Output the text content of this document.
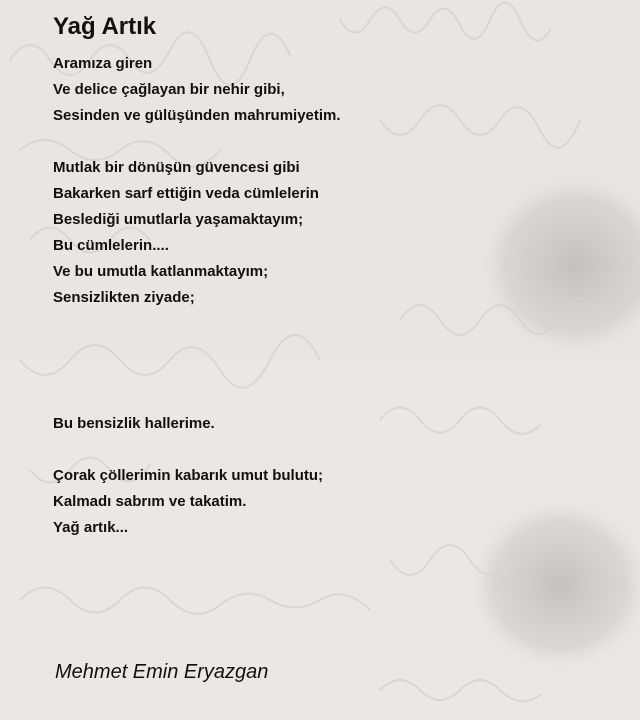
Yağ Artık
Aramıza giren
Ve delice çağlayan bir nehir gibi,
Sesinden ve gülüşünden mahrumiyetim.
Mutlak bir dönüşün güvencesi gibi
Bakarken sarf ettiğin veda cümlelerin
Beslediği umutlarla yaşamaktayım;
Bu cümlelerin....
Ve bu umutla katlanmaktayım;
Sensizlikten ziyade;
Bu bensizlik hallerime.
Çorak çöllerimin kabarık umut bulutu;
Kalmadı sabrım ve takatim.
Yağ artık...
Mehmet Emin Eryazgan
